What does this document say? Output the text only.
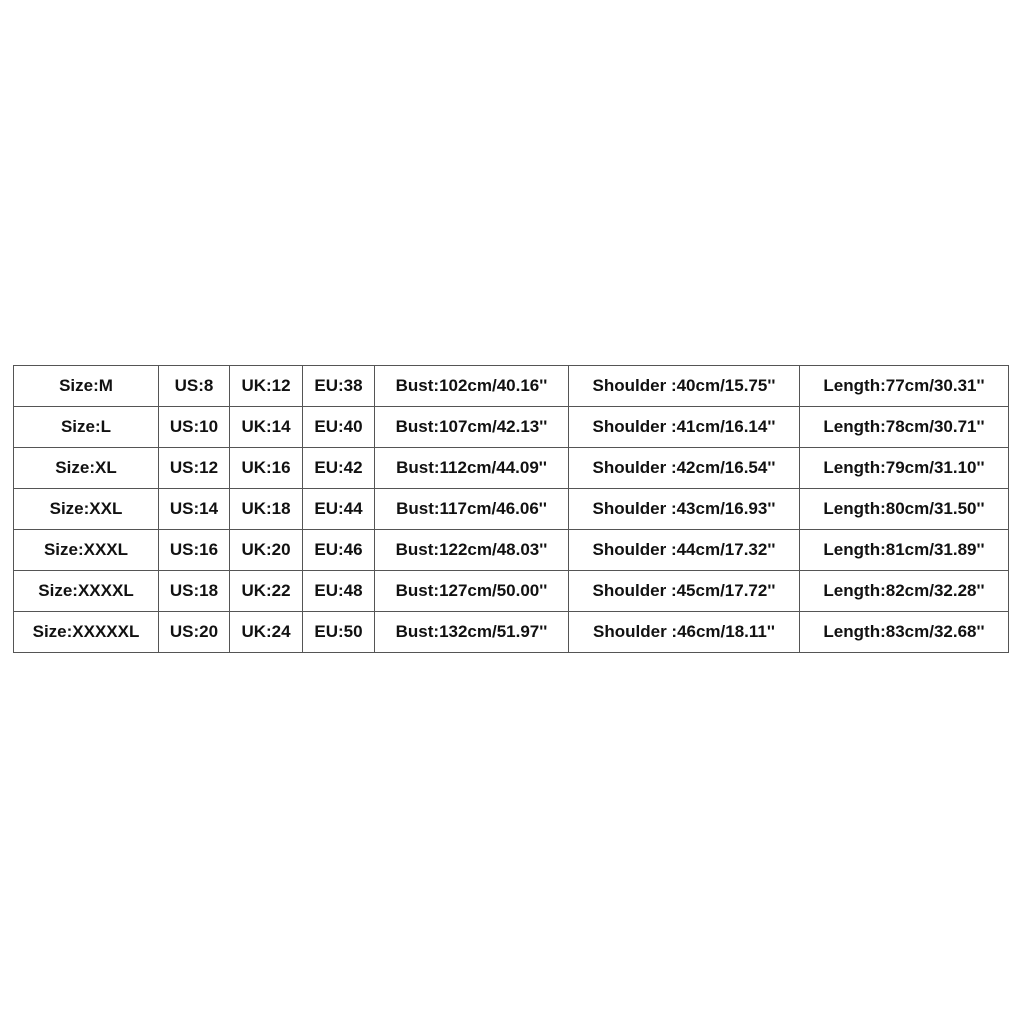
Size:M	US:8	UK:12	EU:38	Bust:102cm/40.16''	Shoulder :40cm/15.75''	Length:77cm/30.31''
Size:L	US:10	UK:14	EU:40	Bust:107cm/42.13''	Shoulder :41cm/16.14''	Length:78cm/30.71''
Size:XL	US:12	UK:16	EU:42	Bust:112cm/44.09''	Shoulder :42cm/16.54''	Length:79cm/31.10''
Size:XXL	US:14	UK:18	EU:44	Bust:117cm/46.06''	Shoulder :43cm/16.93''	Length:80cm/31.50''
Size:XXXL	US:16	UK:20	EU:46	Bust:122cm/48.03''	Shoulder :44cm/17.32''	Length:81cm/31.89''
Size:XXXXL	US:18	UK:22	EU:48	Bust:127cm/50.00''	Shoulder :45cm/17.72''	Length:82cm/32.28''
Size:XXXXXL	US:20	UK:24	EU:50	Bust:132cm/51.97''	Shoulder :46cm/18.11''	Length:83cm/32.68''
